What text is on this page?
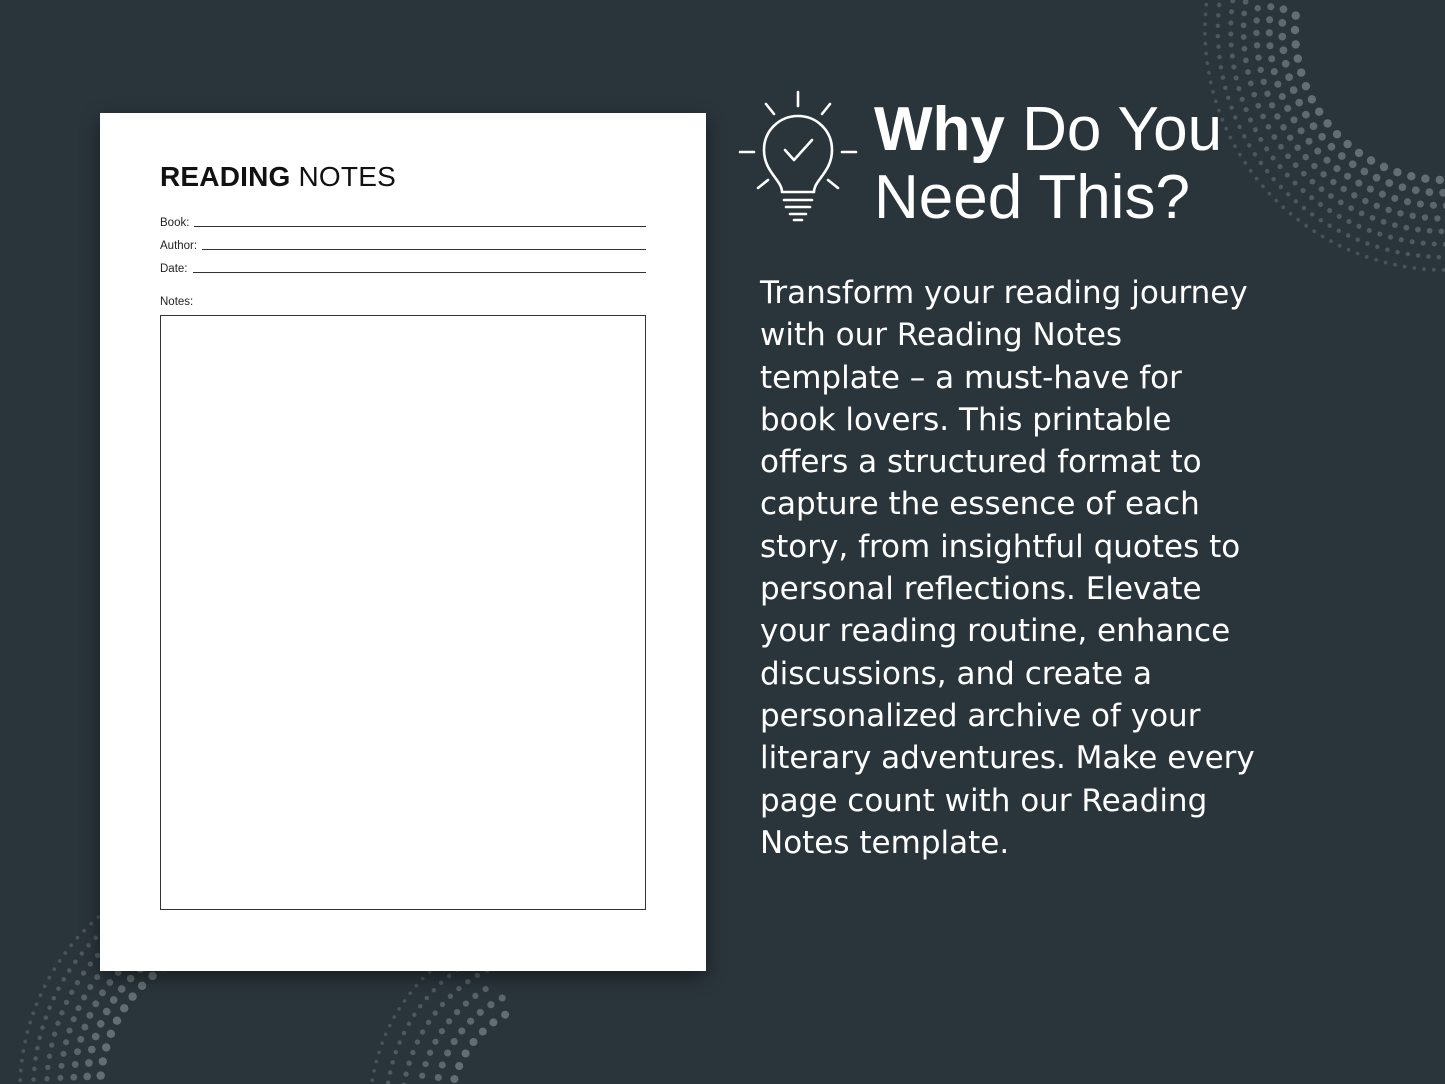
READING NOTES
Book:
Author:
Date:
Notes:
Why Do You
Need This?
Transform your reading journey with our Reading Notes template – a must-have for book lovers. This printable offers a structured format to capture the essence of each story, from insightful quotes to personal reflections. Elevate your reading routine, enhance discussions, and create a personalized archive of your literary adventures. Make every page count with our Reading Notes template.
